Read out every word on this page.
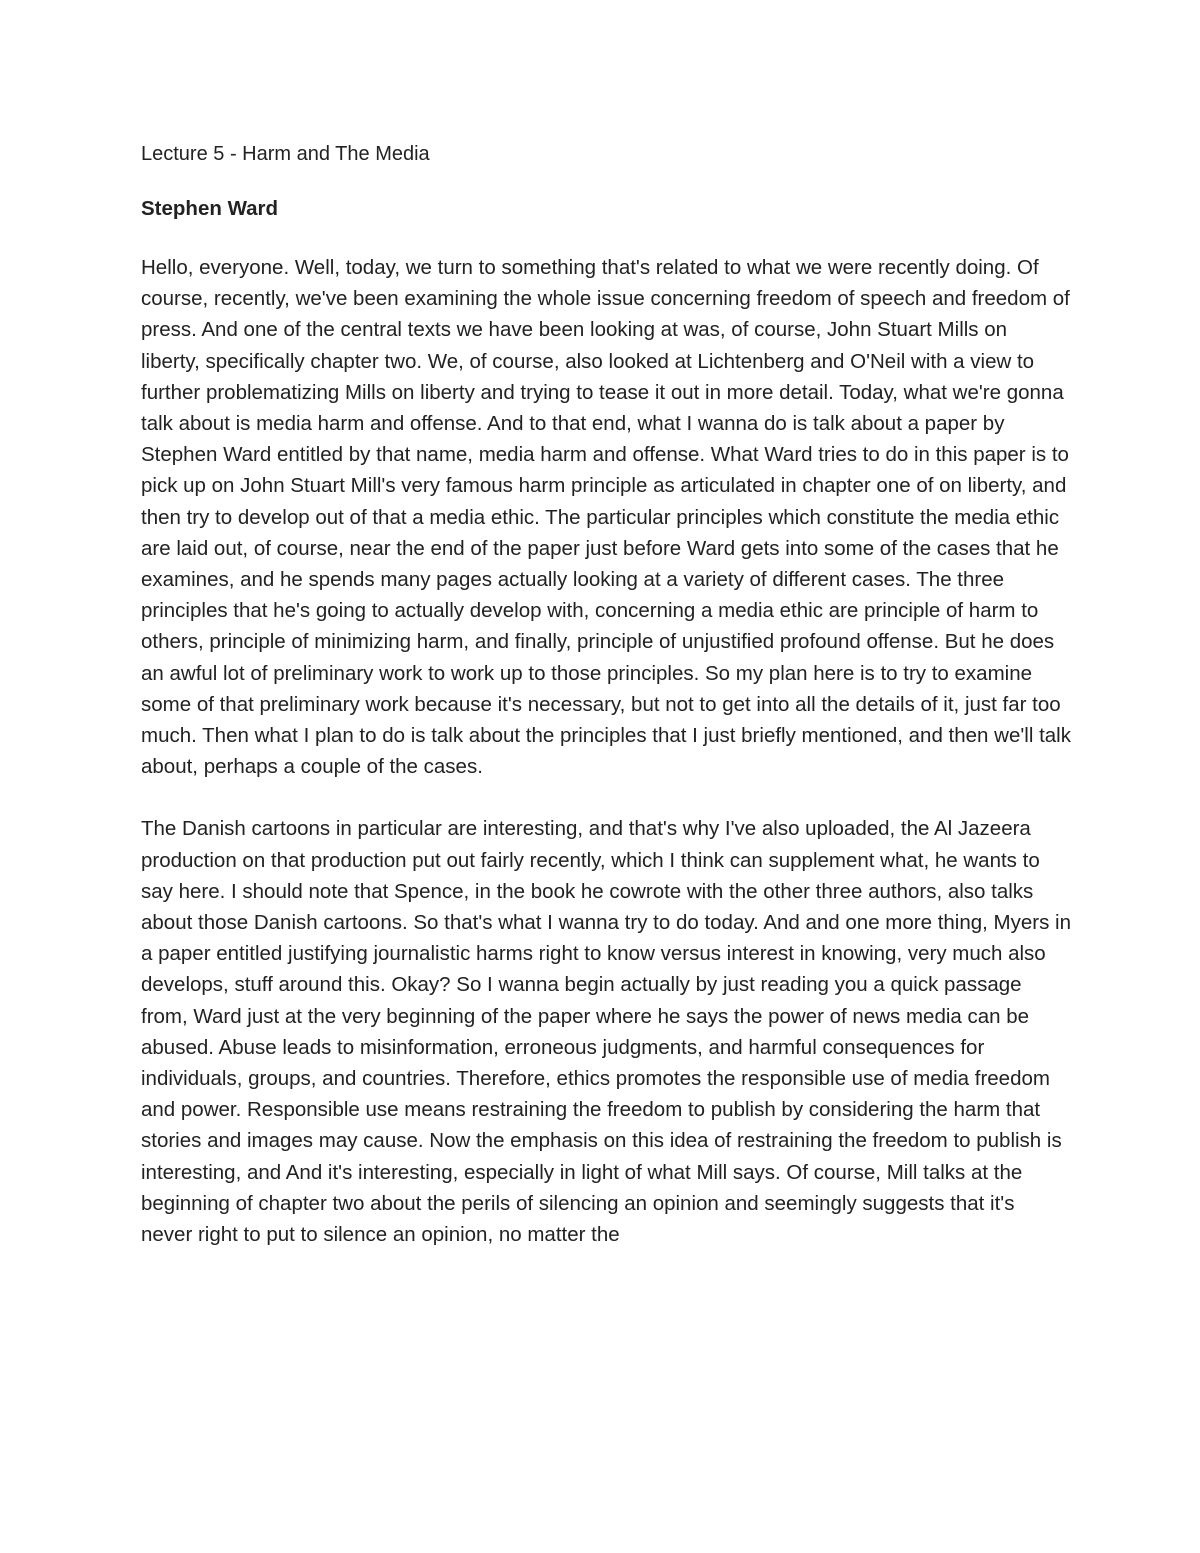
Lecture 5 - Harm and The Media
Stephen Ward

Hello, everyone. Well, today, we turn to something that's related to what we were recently doing. Of course, recently, we've been examining the whole issue concerning freedom of speech and freedom of press. And one of the central texts we have been looking at was, of course, John Stuart Mills on liberty, specifically chapter two. We, of course, also looked at Lichtenberg and O'Neil with a view to further problematizing Mills on liberty and trying to tease it out in more detail. Today, what we're gonna talk about is media harm and offense. And to that end, what I wanna do is talk about a paper by Stephen Ward entitled by that name, media harm and offense. What Ward tries to do in this paper is to pick up on John Stuart Mill's very famous harm principle as articulated in chapter one of on liberty, and then try to develop out of that a media ethic. The particular principles which constitute the media ethic are laid out, of course, near the end of the paper just before Ward gets into some of the cases that he examines, and he spends many pages actually looking at a variety of different cases. The three principles that he's going to actually develop with, concerning a media ethic are principle of harm to others, principle of minimizing harm, and finally, principle of unjustified profound offense. But he does an awful lot of preliminary work to work up to those principles. So my plan here is to try to examine some of that preliminary work because it's necessary, but not to get into all the details of it, just far too much. Then what I plan to do is talk about the principles that I just briefly mentioned, and then we'll talk about, perhaps a couple of the cases.

The Danish cartoons in particular are interesting, and that's why I've also uploaded, the Al Jazeera production on that production put out fairly recently, which I think can supplement what, he wants to say here. I should note that Spence, in the book he cowrote with the other three authors, also talks about those Danish cartoons. So that's what I wanna try to do today. And and one more thing, Myers in a paper entitled justifying journalistic harms right to know versus interest in knowing, very much also develops, stuff around this. Okay? So I wanna begin actually by just reading you a quick passage from, Ward just at the very beginning of the paper where he says the power of news media can be abused. Abuse leads to misinformation, erroneous judgments, and harmful consequences for individuals, groups, and countries. Therefore, ethics promotes the responsible use of media freedom and power. Responsible use means restraining the freedom to publish by considering the harm that stories and images may cause. Now the emphasis on this idea of restraining the freedom to publish is interesting, and And it's interesting, especially in light of what Mill says. Of course, Mill talks at the beginning of chapter two about the perils of silencing an opinion and seemingly suggests that it's never right to put to silence an opinion, no matter the
